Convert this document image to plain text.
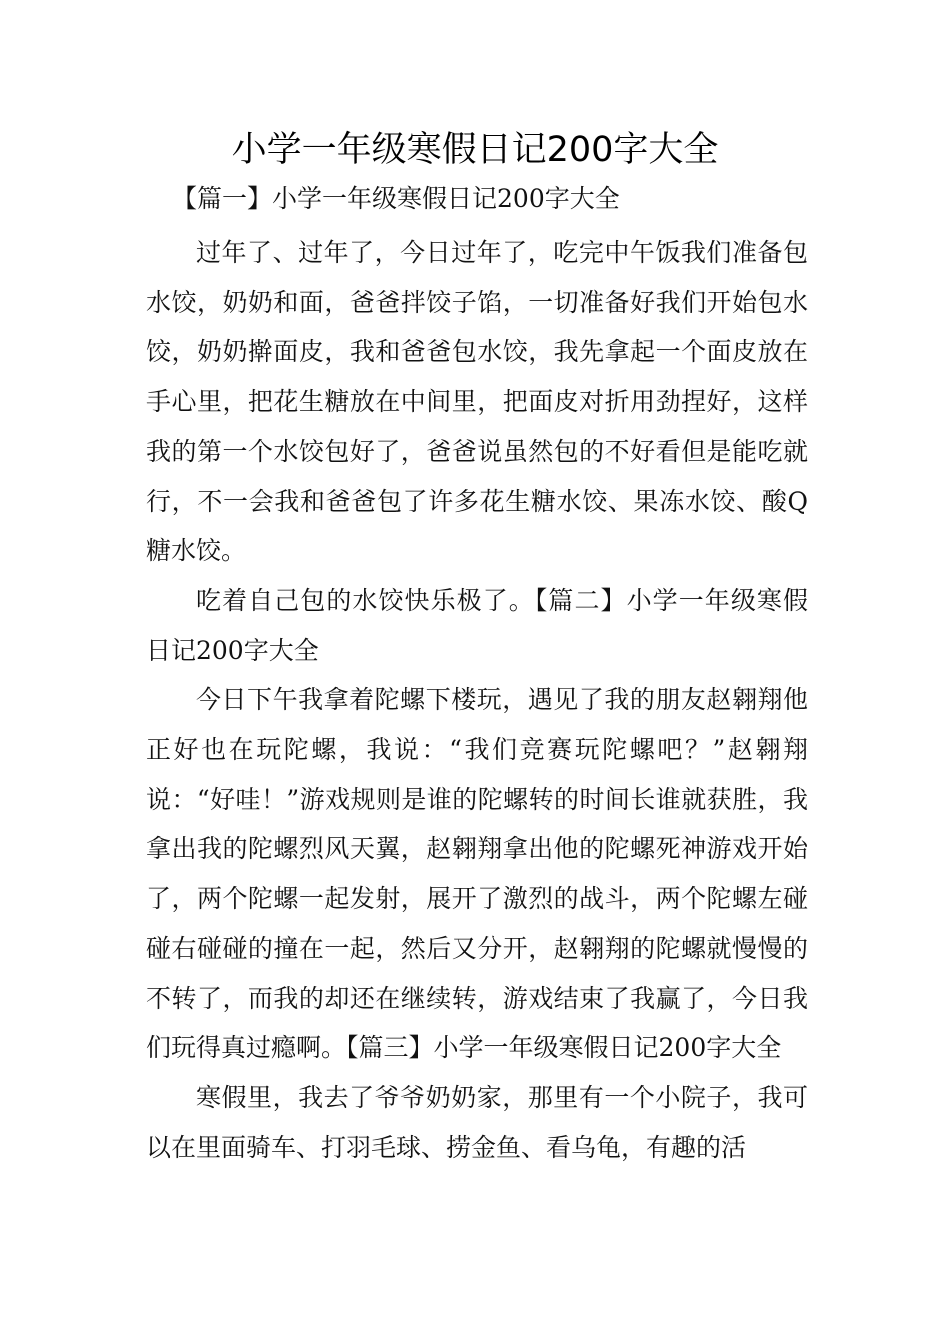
小学一年级寒假日记200字大全
【篇一】小学一年级寒假日记200字大全

过年了、过年了，今日过年了，吃完中午饭我们准备包水饺，奶奶和面，爸爸拌饺子馅，一切准备好我们开始包水饺，奶奶擀面皮，我和爸爸包水饺，我先拿起一个面皮放在手心里，把花生糖放在中间里，把面皮对折用劲捏好，这样我的第一个水饺包好了，爸爸说虽然包的不好看但是能吃就行，不一会我和爸爸包了许多花生糖水饺、果冻水饺、酸Q糖水饺。

吃着自己包的水饺快乐极了。【篇二】小学一年级寒假日记200字大全

今日下午我拿着陀螺下楼玩，遇见了我的朋友赵翱翔他正好也在玩陀螺，我说：“我们竞赛玩陀螺吧？”赵翱翔说：“好哇！”游戏规则是谁的陀螺转的时间长谁就获胜，我拿出我的陀螺烈风天翼，赵翱翔拿出他的陀螺死神游戏开始了，两个陀螺一起发射，展开了激烈的战斗，两个陀螺左碰碰右碰碰的撞在一起，然后又分开，赵翱翔的陀螺就慢慢的不转了，而我的却还在继续转，游戏结束了我赢了，今日我们玩得真过瘾啊。【篇三】小学一年级寒假日记200字大全

寒假里，我去了爷爷奶奶家，那里有一个小院子，我可以在里面骑车、打羽毛球、捞金鱼、看乌龟，有趣的活
